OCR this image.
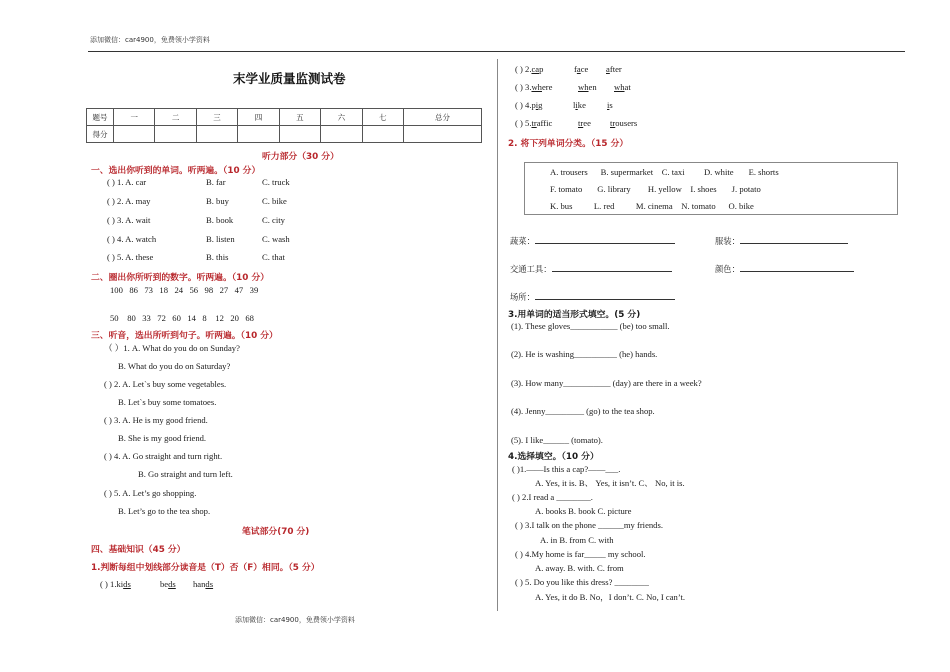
添加微信：car4900，免费领小学资料
添加微信：car4900，免费领小学资料
末学业质量监测试卷
题号	一	二	三	四	五	六	七	总分
得分								
听力部分（30 分）
一、选出你听到的单词。听两遍。（10 分）
( ) 1. A. car	B. far	C. truck
( ) 2. A. may	B. buy	C. bike
( ) 3. A. wait	B. book	C. city
( ) 4. A. watch	B. listen	C. wash
( ) 5. A. these	B. this	C. that
二、圈出你所听到的数字。听两遍。（10 分）
100   86   73   18   24   56   98   27   47   39
50    80   33   72   60   14   8    12   20   68
三、听音，选出所听到句子。听两遍。（10 分）
（ ）1. A. What do you do on Sunday?
B. What do you do on Saturday?
( ) 2. A. Let`s buy some vegetables.
B. Let`s buy some tomatoes.
( ) 3. A. He is my good friend.
B. She is my good friend.
( ) 4. A. Go straight and turn right.
B. Go straight and turn left.
( ) 5. A. Let’s go shopping.
B. Let’s go to the tea shop.
笔试部分(70 分)
四、基础知识（45 分）
1.判断每组中划线部分读音是（T）否（F）相同。（5 分）
( ) 1.kids	beds hands
( ) 2.cap	face after
( ) 3.where	when what
( ) 4.pig	like is
( ) 5.traffic	tree trousers
2. 将下列单词分类。（15 分）
A. trousers      B. supermarket    C. taxi         D. white       E. shorts
F. tomato       G. library        H. yellow    I. shoes       J. potato
K. bus          L. red          M. cinema    N. tomato      O. bike
蔬菜：	服装：
交通工具：	颜色：
场所：
3.用单词的适当形式填空。(5 分)
(1). These gloves___________ (be) too small.
(2). He is washing__________ (he) hands.
(3). How many___________ (day) are there in a week?
(4). Jenny_________ (go) to the tea shop.
(5). I like______ (tomato).
4.选择填空。（10 分）
( )1.——Is this a cap?——___.
A. Yes, it is. B、 Yes, it isn’t. C、 No, it is.
( ) 2.I read a ________.
A. books B. book C. picture
( ) 3.I talk on the phone ______my friends.
A. in B. from C. with
( ) 4.My home is far_____ my school.
A. away. B. with. C. from
( ) 5. Do you like this dress? ________
A. Yes, it do B. No，I don’t. C. No, I can’t.
